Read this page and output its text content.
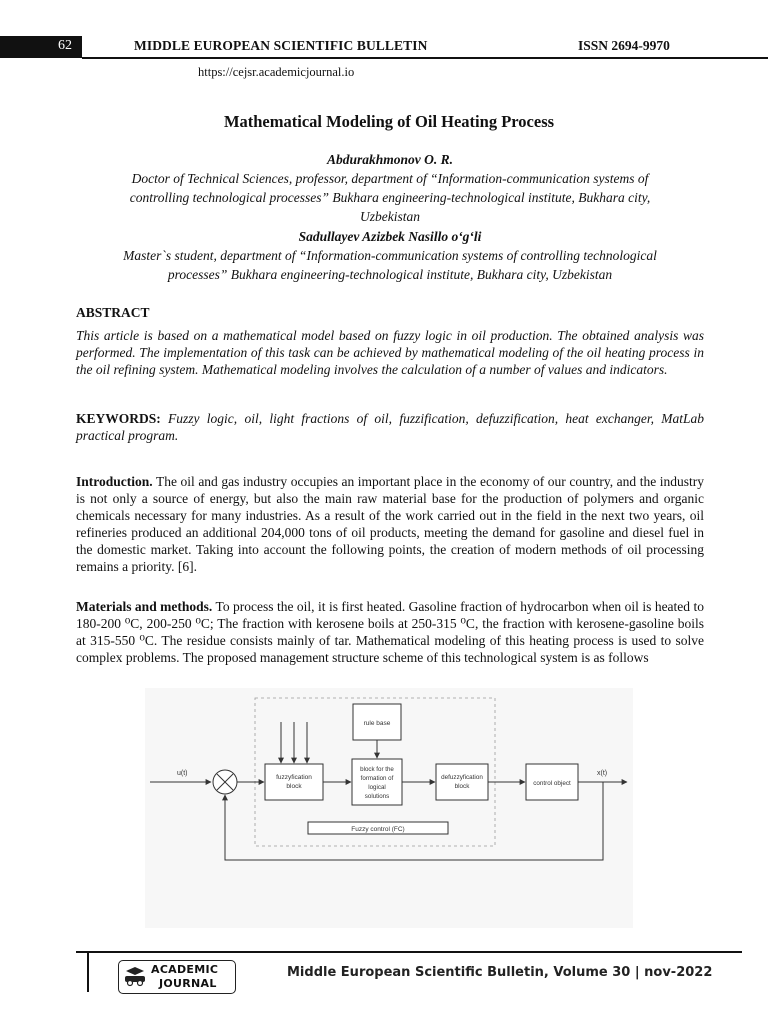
62	MIDDLE EUROPEAN SCIENTIFIC BULLETIN	ISSN 2694-9970
https://cejsr.academicjournal.io
Mathematical Modeling of Oil Heating Process
Abdurakhmonov O. R.
Doctor of Technical Sciences, professor, department of “Information-communication systems of
controlling technological processes” Bukhara engineering-technological institute, Bukhara city,
Uzbekistan
Sadullayev Azizbek Nasillo o‘g‘li
Master`s student, department of “Information-communication systems of controlling technological
processes” Bukhara engineering-technological institute, Bukhara city, Uzbekistan
ABSTRACT
This article is based on a mathematical model based on fuzzy logic in oil production. The obtained analysis was performed. The implementation of this task can be achieved by mathematical modeling of the oil heating process in the oil refining system. Mathematical modeling involves the calculation of a number of values and indicators.
KEYWORDS: Fuzzy logic, oil, light fractions of oil, fuzzification, defuzzification, heat exchanger, MatLab practical program.
Introduction. The oil and gas industry occupies an important place in the economy of our country, and the industry is not only a source of energy, but also the main raw material base for the production of polymers and organic chemicals necessary for many industries. As a result of the work carried out in the field in the next two years, oil refineries produced an additional 204,000 tons of oil products, meeting the demand for gasoline and diesel fuel in the domestic market. Taking into account the following points, the creation of modern methods of oil processing remains a priority. [6].
Materials and methods. To process the oil, it is first heated. Gasoline fraction of hydrocarbon when oil is heated to 180-200 ⁰C, 200-250 ⁰C; The fraction with kerosene boils at 250-315 ⁰C, the fraction with kerosene-gasoline boils at 315-550 ⁰C. The residue consists mainly of tar. Mathematical modeling of this heating process is used to solve complex problems. The proposed management structure scheme of this technological system is as follows
u(t)
fuzzyfication
block
rule base
block for the
formation of
logical
solutions
defuzzyfication
block	control object
x(t)
Fuzzy control (FC)
ACADEMIC
JOURNAL
Middle European Scientific Bulletin, Volume 30 | nov-2022
